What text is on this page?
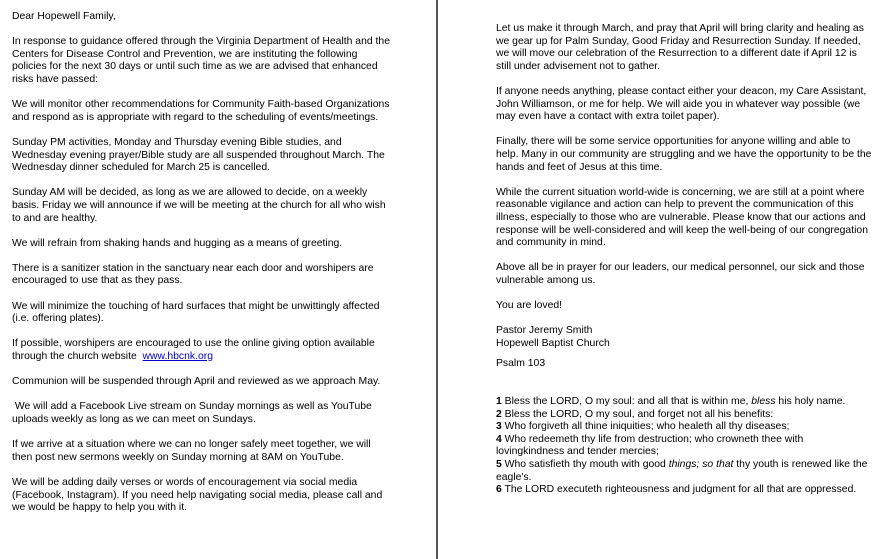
Dear Hopewell Family,

In response to guidance offered through the Virginia Department of Health and the Centers for Disease Control and Prevention, we are instituting the following policies for the next 30 days or until such time as we are advised that enhanced risks have passed:

We will monitor other recommendations for Community Faith-based Organizations and respond as is appropriate with regard to the scheduling of events/meetings.

Sunday PM activities, Monday and Thursday evening Bible studies, and Wednesday evening prayer/Bible study are all suspended throughout March. The Wednesday dinner scheduled for March 25 is cancelled.

Sunday AM will be decided, as long as we are allowed to decide, on a weekly basis. Friday we will announce if we will be meeting at the church for all who wish to and are healthy.

We will refrain from shaking hands and hugging as a means of greeting.

There is a sanitizer station in the sanctuary near each door and worshipers are encouraged to use that as they pass.

We will minimize the touching of hard surfaces that might be unwittingly affected (i.e. offering plates).

If possible, worshipers are encouraged to use the online giving option available through the church website www.hbcnk.org

Communion will be suspended through April and reviewed as we approach May.

We will add a Facebook Live stream on Sunday mornings as well as YouTube uploads weekly as long as we can meet on Sundays.

If we arrive at a situation where we can no longer safely meet together, we will then post new sermons weekly on Sunday morning at 8AM on YouTube.

We will be adding daily verses or words of encouragement via social media (Facebook, Instagram). If you need help navigating social media, please call and we would be happy to help you with it.

Let us make it through March, and pray that April will bring clarity and healing as we gear up for Palm Sunday, Good Friday and Resurrection Sunday. If needed, we will move our celebration of the Resurrection to a different date if April 12 is still under advisement not to gather.

If anyone needs anything, please contact either your deacon, my Care Assistant, John Williamson, or me for help. We will aide you in whatever way possible (we may even have a contact with extra toilet paper).

Finally, there will be some service opportunities for anyone willing and able to help. Many in our community are struggling and we have the opportunity to be the hands and feet of Jesus at this time.

While the current situation world-wide is concerning, we are still at a point where reasonable vigilance and action can help to prevent the communication of this illness, especially to those who are vulnerable. Please know that our actions and response will be well-considered and will keep the well-being of our congregation and community in mind.

Above all be in prayer for our leaders, our medical personnel, our sick and those vulnerable among us.

You are loved!

Pastor Jeremy Smith
Hopewell Baptist Church

Psalm 103

1 Bless the LORD, O my soul: and all that is within me, bless his holy name.
2 Bless the LORD, O my soul, and forget not all his benefits:
3 Who forgiveth all thine iniquities; who healeth all thy diseases;
4 Who redeemeth thy life from destruction; who crowneth thee with lovingkindness and tender mercies;
5 Who satisfieth thy mouth with good things; so that thy youth is renewed like the eagle's.
6 The LORD executeth righteousness and judgment for all that are oppressed.
